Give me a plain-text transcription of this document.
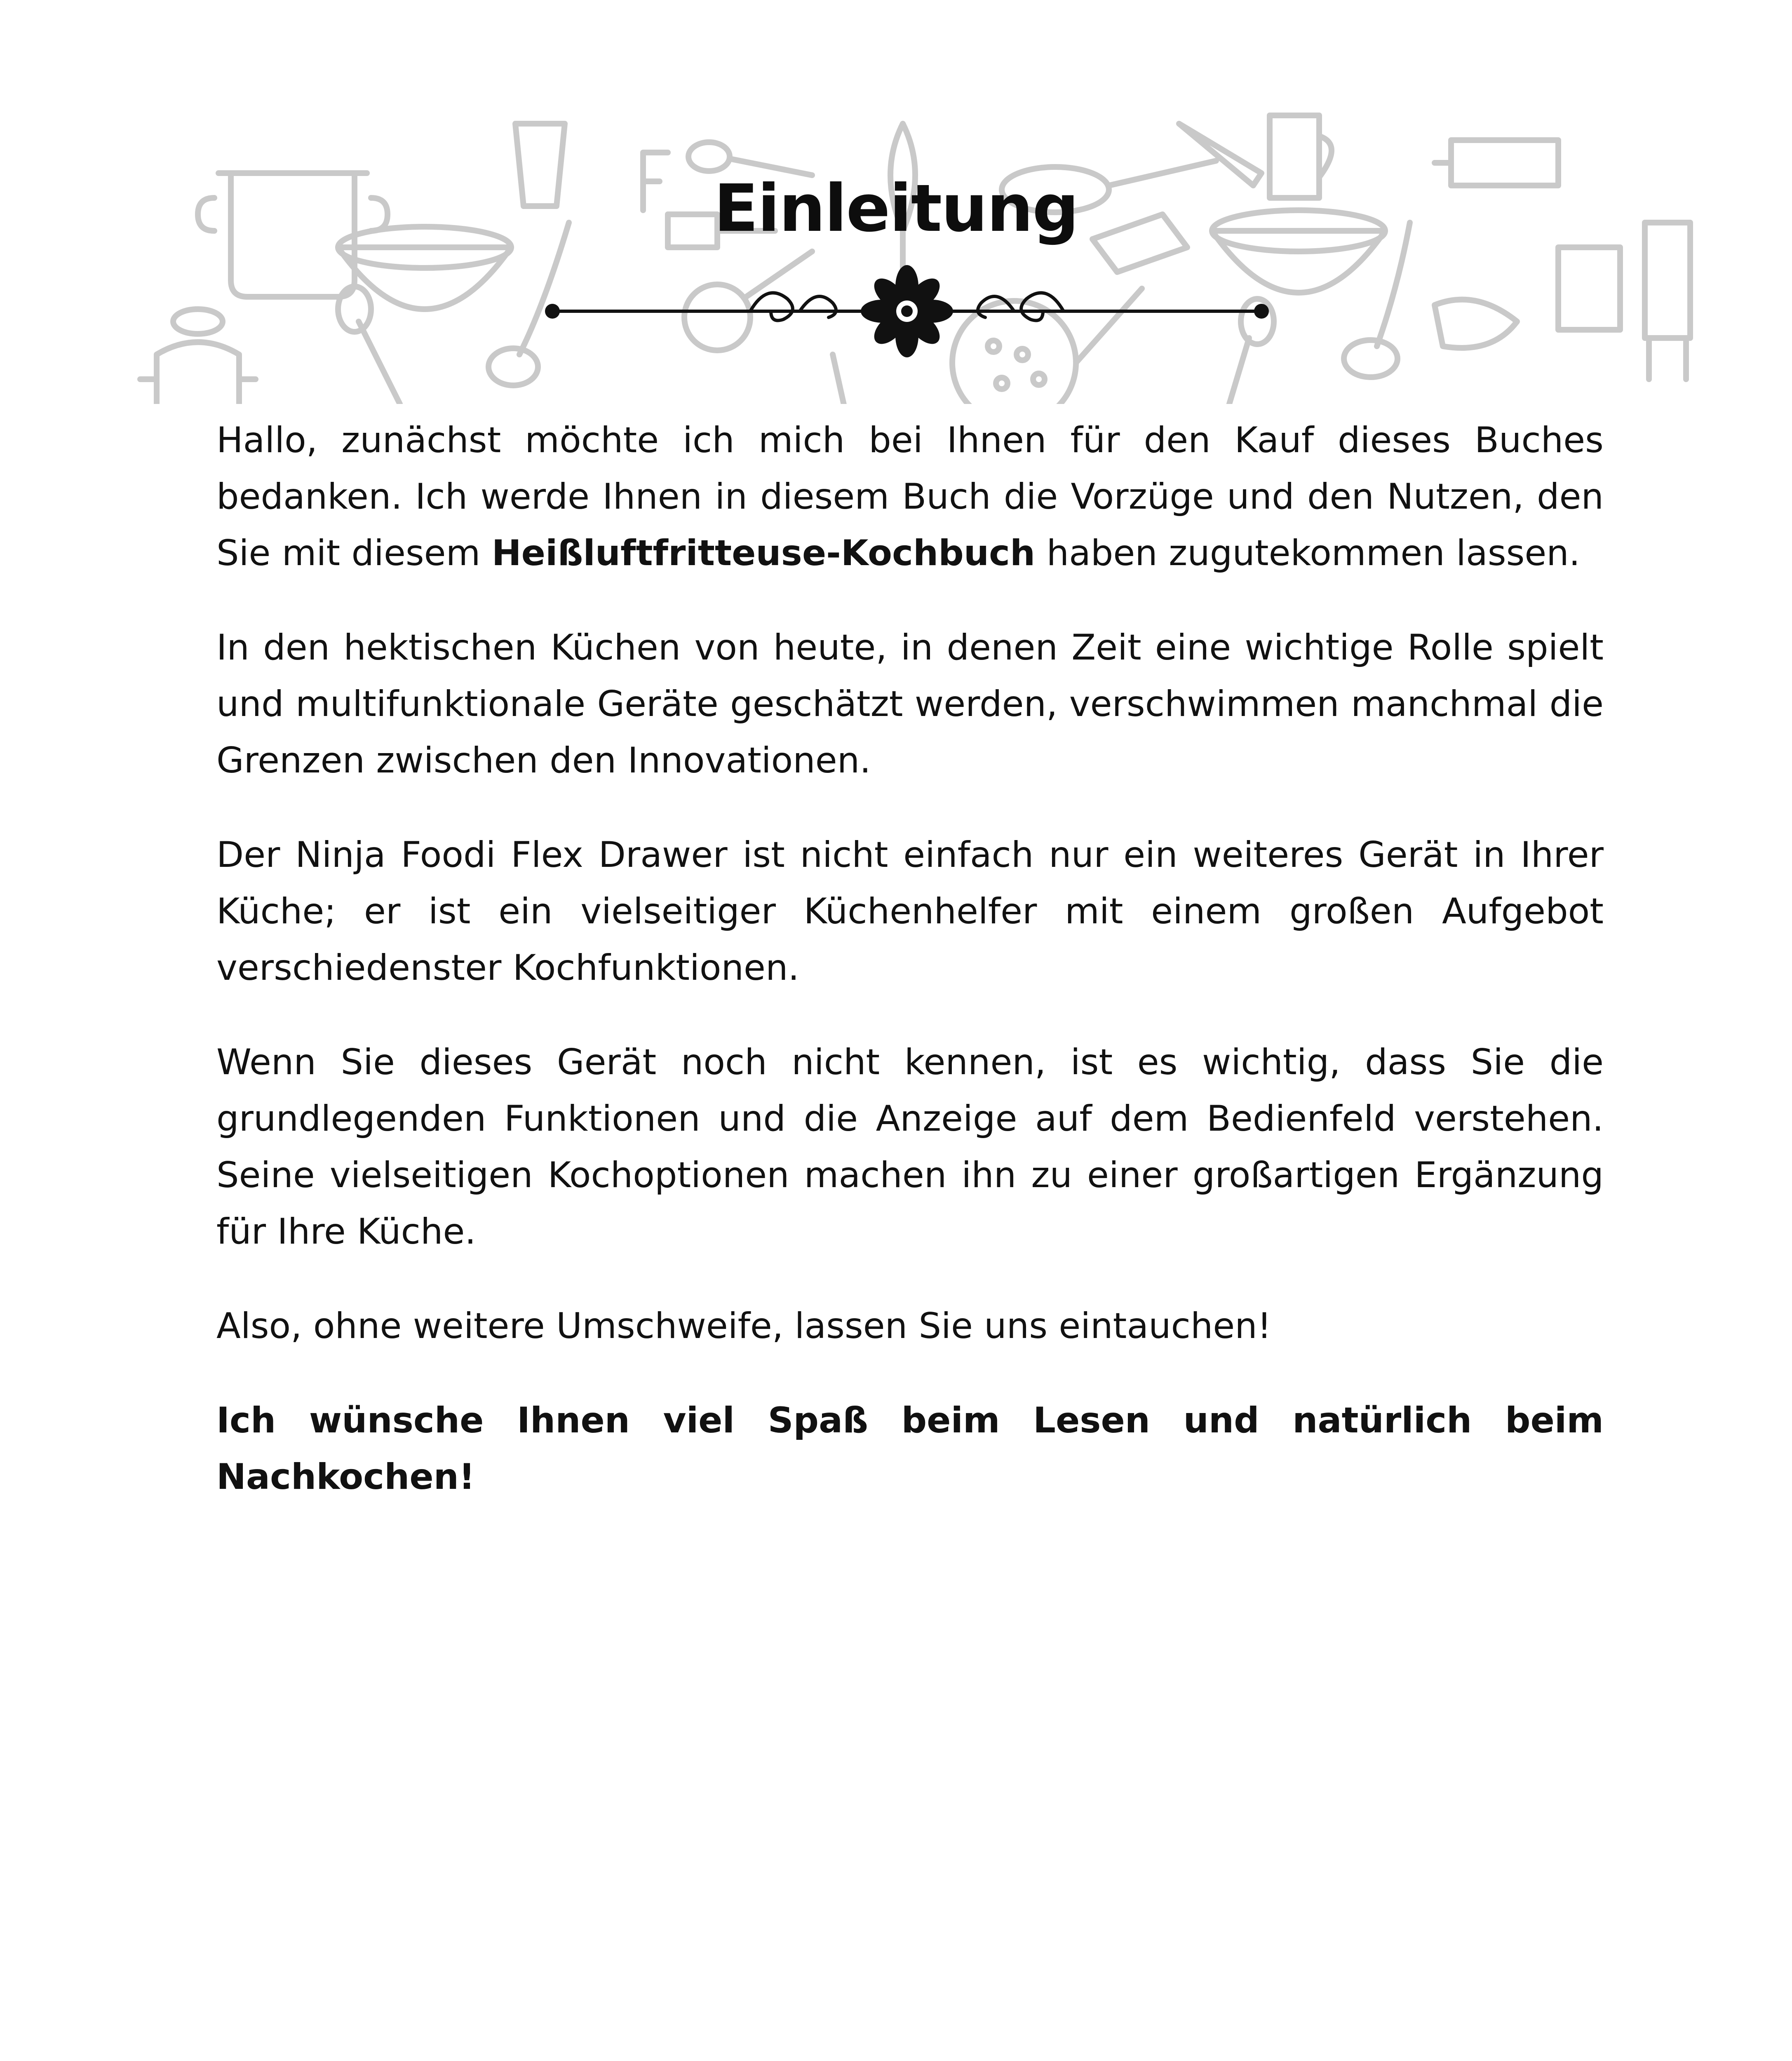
Einleitung

Hallo, zunächst möchte ich mich bei Ihnen für den Kauf dieses Buches bedanken. Ich werde Ihnen in diesem Buch die Vorzüge und den Nutzen, den Sie mit diesem Heißluftfritteuse-Kochbuch haben zugutekommen lassen.

In den hektischen Küchen von heute, in denen Zeit eine wichtige Rolle spielt und multifunktionale Geräte geschätzt werden, verschwimmen manchmal die Grenzen zwischen den Innovationen.

Der Ninja Foodi Flex Drawer ist nicht einfach nur ein weiteres Gerät in Ihrer Küche; er ist ein vielseitiger Küchenhelfer mit einem großen Aufgebot verschiedenster Kochfunktionen.

Wenn Sie dieses Gerät noch nicht kennen, ist es wichtig, dass Sie die grundlegenden Funktionen und die Anzeige auf dem Bedienfeld verstehen. Seine vielseitigen Kochoptionen machen ihn zu einer großartigen Ergänzung für Ihre Küche.

Also, ohne weitere Umschweife, lassen Sie uns eintauchen!

Ich wünsche Ihnen viel Spaß beim Lesen und natürlich beim Nachkochen!
